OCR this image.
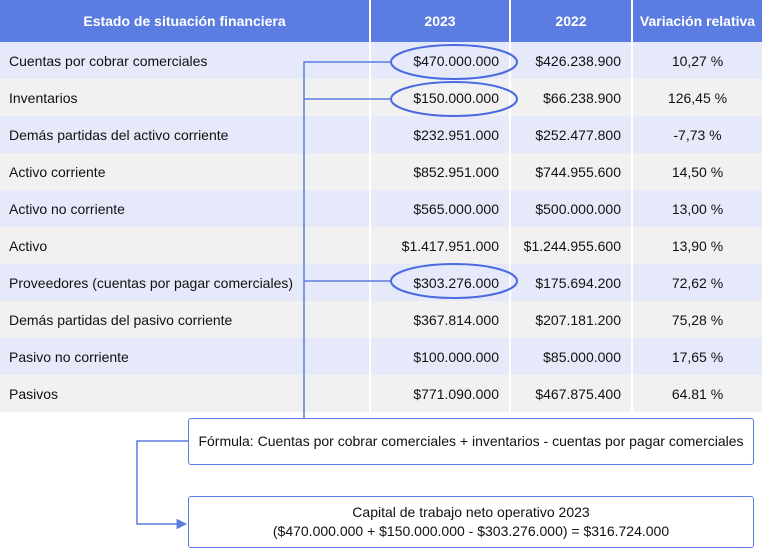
Estado de situación financiera	2023	2022	Variación relativa
Cuentas por cobrar comerciales	$470.000.000	$426.238.900	10,27 %
Inventarios	$150.000.000	$66.238.900	126,45 %
Demás partidas del activo corriente	$232.951.000	$252.477.800	-7,73 %
Activo corriente	$852.951.000	$744.955.600	14,50 %
Activo no corriente	$565.000.000	$500.000.000	13,00 %
Activo	$1.417.951.000	$1.244.955.600	13,90 %
Proveedores (cuentas por pagar comerciales)	$303.276.000	$175.694.200	72,62 %
Demás partidas del pasivo corriente	$367.814.000	$207.181.200	75,28 %
Pasivo no corriente	$100.000.000	$85.000.000	17,65 %
Pasivos	$771.090.000	$467.875.400	64.81 %
Fórmula: Cuentas por cobrar comerciales + inventarios - cuentas por pagar comerciales
Capital de trabajo neto operativo 2023
($470.000.000 + $150.000.000 - $303.276.000) = $316.724.000
